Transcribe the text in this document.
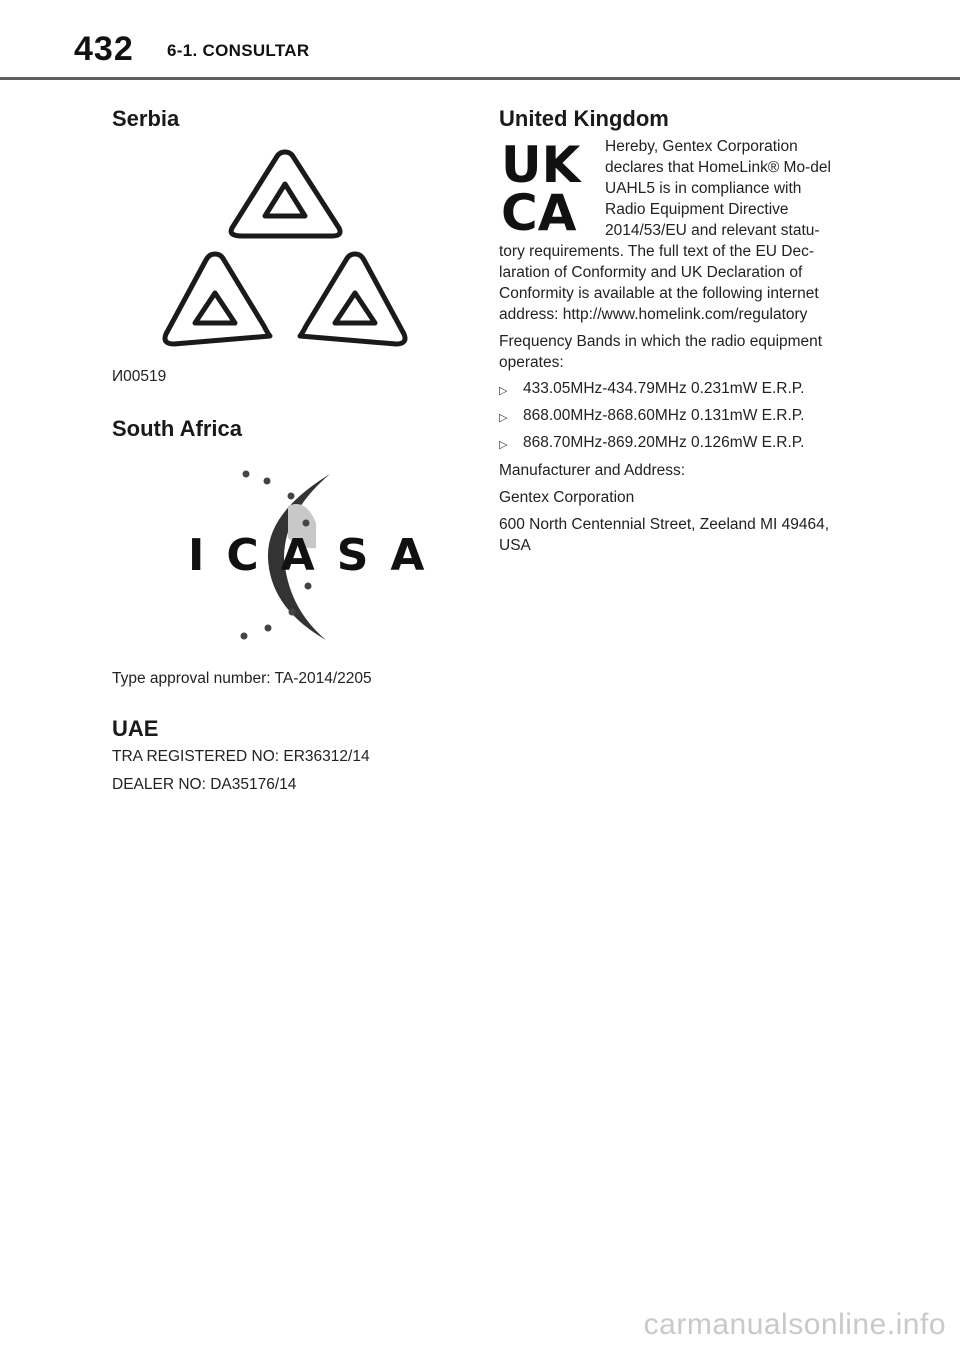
432 6-1. CONSULTAR
Serbia

И00519

South Africa
ICASA

Type approval number: TA-2014/2205

UAE

TRA REGISTERED NO: ER36312/14

DEALER NO: DA35176/14

United Kingdom
UK CA

Hereby, Gentex Corporation declares that HomeLink® Mo-del UAHL5 is in compliance with Radio Equipment Directive 2014/53/EU and relevant statu-

tory requirements. The full text of the EU Dec-laration of Conformity and UK Declaration of Conformity is available at the following internet address: http://www.homelink.com/regulatory

Frequency Bands in which the radio equipment operates:

▷ 433.05MHz-434.79MHz 0.231mW E.R.P.
▷ 868.00MHz-868.60MHz 0.131mW E.R.P.
▷ 868.70MHz-869.20MHz 0.126mW E.R.P.

Manufacturer and Address:

Gentex Corporation

600 North Centennial Street, Zeeland MI 49464, USA

carmanualsonline.info
